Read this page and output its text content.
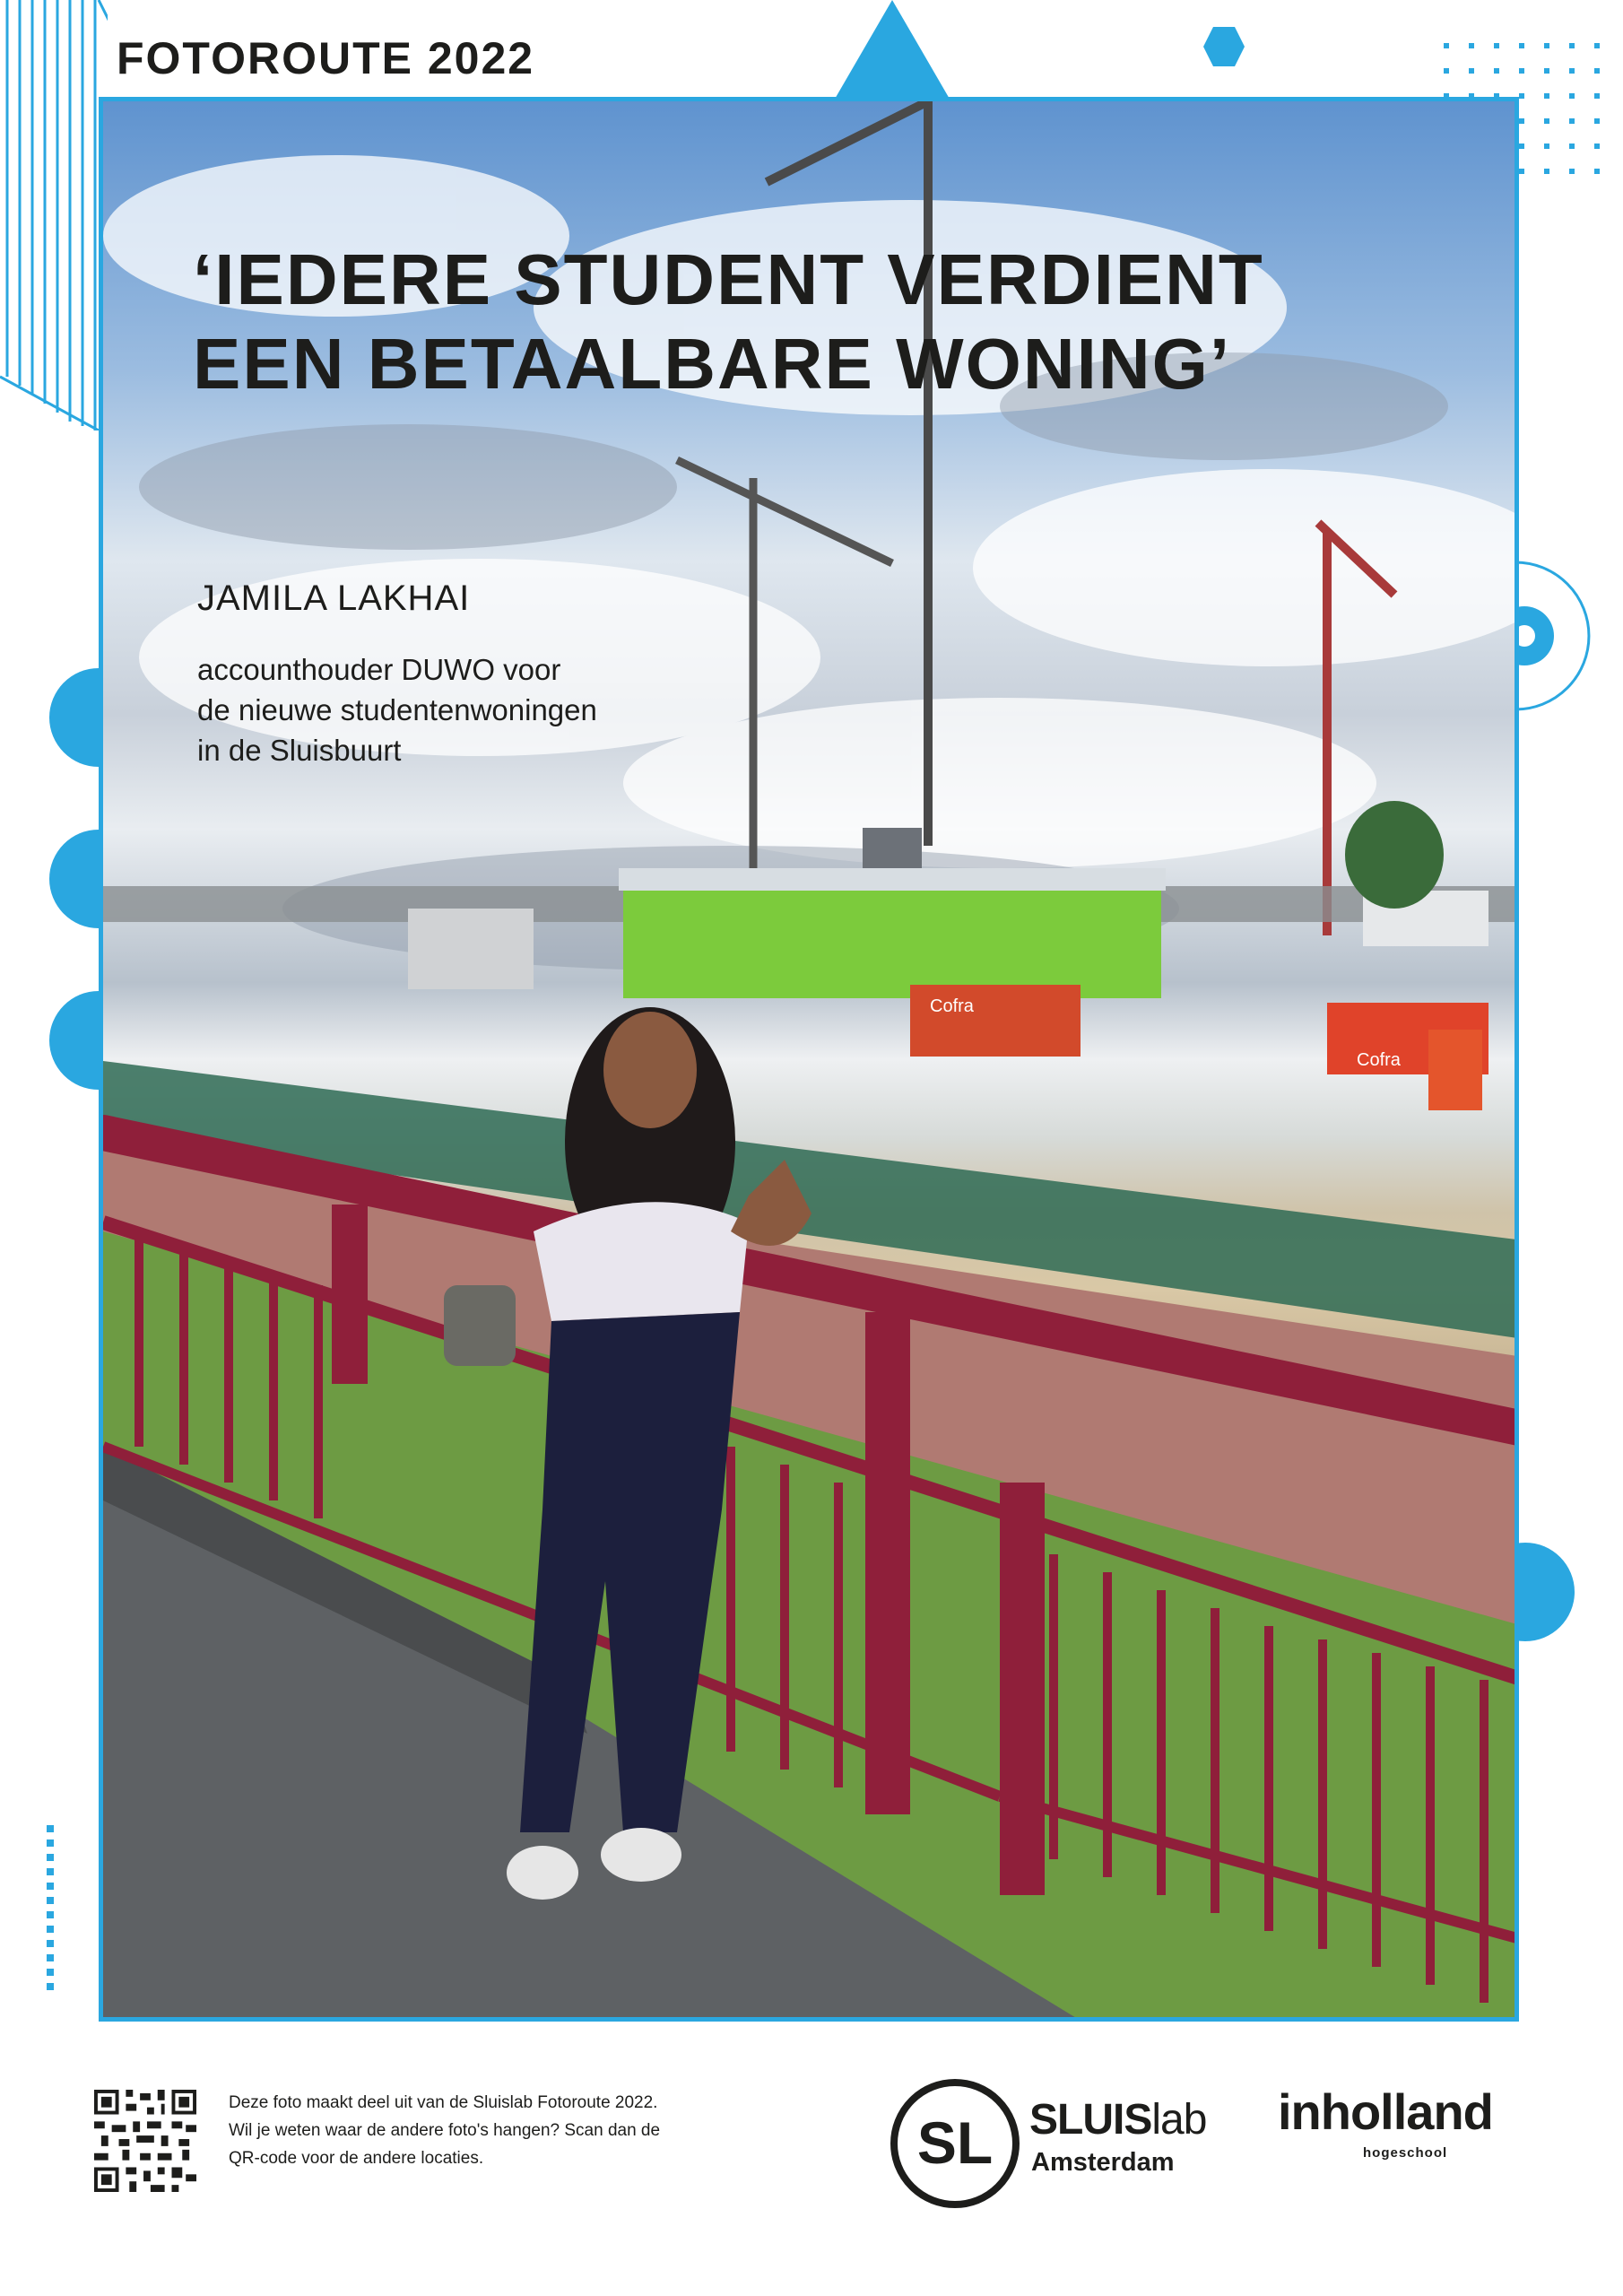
FOTOROUTE 2022
Cofra
Cofra
‘IEDERE STUDENT VERDIENT
EEN BETAALBARE WONING’
JAMILA LAKHAI
accounthouder DUWO voor
de nieuwe studentenwoningen
in de Sluisbuurt
Deze foto maakt deel uit van de Sluislab Fotoroute 2022.
Wil je weten waar de andere foto's hangen? Scan dan de
QR-code voor de andere locaties.	SL SLUISlab
Amsterdam
inholland
hogeschool
